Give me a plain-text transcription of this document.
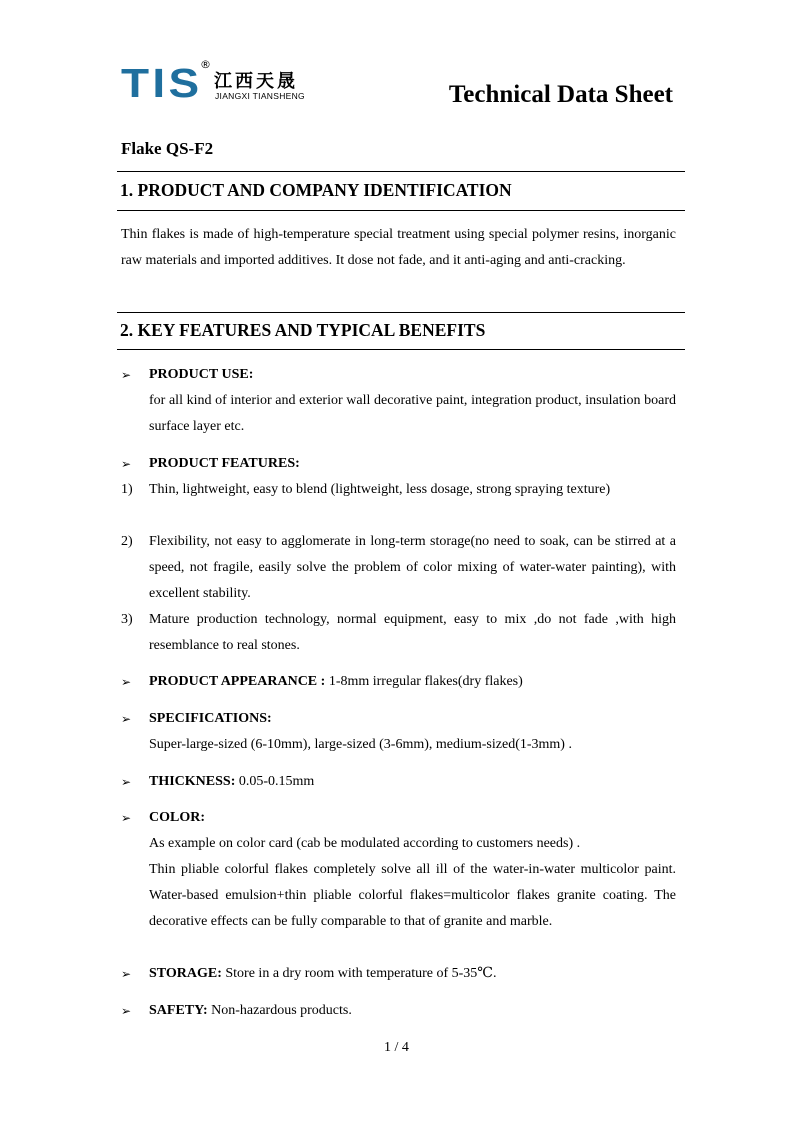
TIS
®
江西天晟
JIANGXI TIANSHENG	Technical Data Sheet
Flake QS-F2
1. PRODUCT AND COMPANY IDENTIFICATION
Thin flakes is made of high-temperature special treatment using special polymer resins, inorganic raw materials and imported additives. It dose not fade, and it anti-aging and anti-cracking.
2. KEY FEATURES AND TYPICAL BENEFITS
➢ PRODUCT USE:
for all kind of interior and exterior wall decorative paint, integration product, insulation board surface layer etc.
➢ PRODUCT FEATURES:
1) Thin, lightweight, easy to blend (lightweight, less dosage, strong spraying texture)
2) Flexibility, not easy to agglomerate in long-term storage(no need to soak, can be stirred at a speed, not fragile, easily solve the problem of color mixing of water-water painting), with excellent stability.
3) Mature production technology, normal equipment, easy to mix ,do not fade ,with high resemblance to real stones.
➢ PRODUCT APPEARANCE : 1-8mm irregular flakes(dry flakes)
➢ SPECIFICATIONS:
Super-large-sized (6-10mm), large-sized (3-6mm), medium-sized(1-3mm) .
➢ THICKNESS: 0.05-0.15mm
➢ COLOR:
As example on color card (cab be modulated according to customers needs) .
Thin pliable colorful flakes completely solve all ill of the water-in-water multicolor paint. Water-based emulsion+thin pliable colorful flakes=multicolor flakes granite coating. The decorative effects can be fully comparable to that of granite and marble.
➢ STORAGE: Store in a dry room with temperature of 5-35℃.
➢ SAFETY: Non-hazardous products.
1 / 4
